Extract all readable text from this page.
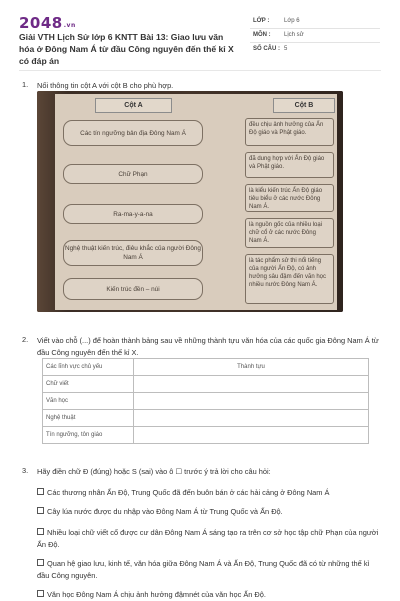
2048.vn
Giải VTH Lịch Sử lớp 6 KNTT Bài 13: Giao lưu văn hóa ở Đông Nam Á từ đầu Công nguyên đến thế kỉ X có đáp án
LỚP : Lớp 6
MÔN : Lịch sử
SỐ CÂU : 5
1. Nối thông tin cột A với cột B cho phù hợp.
Cột A	Cột B
Các tín ngưỡng bản địa Đông Nam Á
Chữ Phạn
Ra-ma-y-a-na
Nghệ thuật kiến trúc, điêu khắc của người Đông Nam Á
Kiến trúc đền – núi
đều chịu ảnh hưởng của Ấn Độ giáo và Phật giáo.
đã dung hợp với Ấn Độ giáo và Phật giáo.
là kiểu kiến trúc Ấn Độ giáo tiêu biểu ở các nước Đông Nam Á.
là nguồn gốc của nhiều loại chữ cổ ở các nước Đông Nam Á.
là tác phẩm sử thi nổi tiếng của người Ấn Độ, có ảnh hưởng sâu đậm đến văn học nhiều nước Đông Nam Á.
2. Viết vào chỗ (...) để hoàn thành bảng sau về những thành tựu văn hóa của các quốc gia Đông Nam Á từ đầu Công nguyên đến thế kỉ X.
Các lĩnh vực chủ yếu	Thành tựu
Chữ viết	
Văn học	
Nghệ thuật	
Tín ngưỡng, tôn giáo	
3. Hãy điền chữ Đ (đúng) hoặc S (sai) vào ô ☐ trước ý trả lời cho câu hỏi:
Các thương nhân Ấn Độ, Trung Quốc đã đến buôn bán ở các hải cảng ở Đông Nam Á
Cây lúa nước được du nhập vào Đông Nam Á từ Trung Quốc và Ấn Độ.
Nhiều loại chữ viết cổ được cư dân Đông Nam Á sáng tạo ra trên cơ sở học tập chữ Phạn của người Ấn Độ.
Quan hệ giao lưu, kinh tế, văn hóa giữa Đông Nam Á và Ấn Độ, Trung Quốc đã có từ những thế kỉ đầu Công nguyên.
Văn học Đông Nam Á chịu ảnh hưởng đậmnét của văn học Ấn Độ.
